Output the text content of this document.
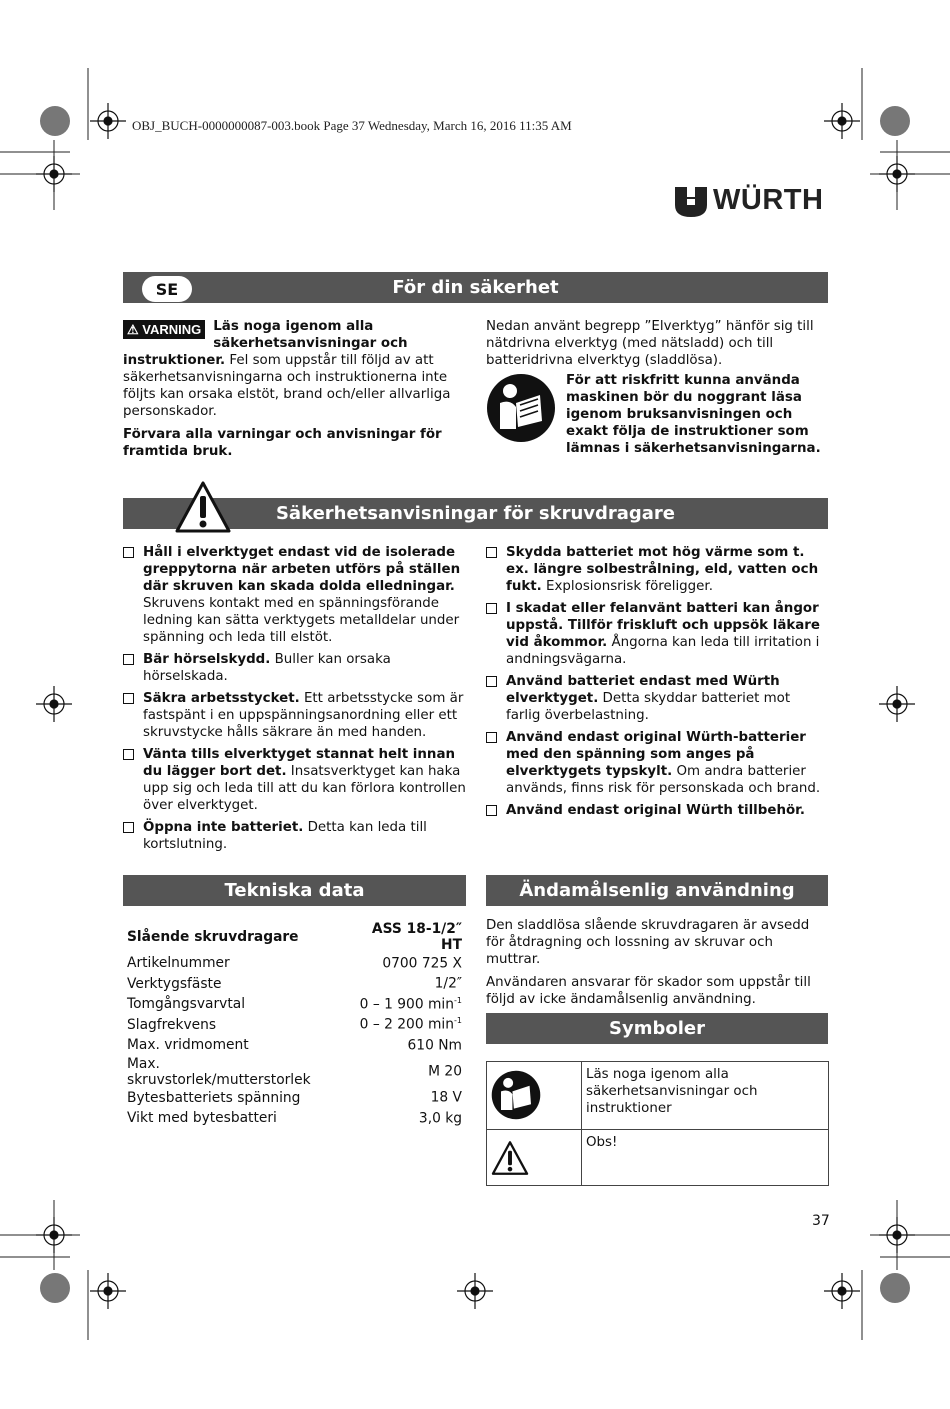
OBJ_BUCH-0000000087-003.book Page 37 Wednesday, March 16, 2016 11:35 AM
WÜRTH
För din säkerhet
SE

⚠ VARNING Läs noga igenom alla säkerhetsanvisningar och instruktioner. Fel som uppstår till följd av att säkerhetsanvisningarna och instruktionerna inte följts kan orsaka elstöt, brand och/eller allvarliga personskador.

Förvara alla varningar och anvisningar för framtida bruk.

Nedan använt begrepp ”Elverktyg” hänför sig till nätdrivna elverktyg (med nätsladd) och till batteridrivna elverktyg (sladdlösa).
För att riskfritt kunna använda maskinen bör du noggrant läsa igenom bruksanvisningen och exakt följa de instruktioner som lämnas i säkerhetsanvisningarna.
Säkerhetsanvisningar för skruvdragare
Håll i elverktyget endast vid de isolerade greppytorna när arbeten utförs på ställen där skruven kan skada dolda elledningar. Skruvens kontakt med en spänningsförande ledning kan sätta verktygets metalldelar under spänning och leda till elstöt.
Bär hörselskydd. Buller kan orsaka hörselskada.
Säkra arbetsstycket. Ett arbetsstycke som är fastspänt i en uppspänningsanordning eller ett skruvstycke hålls säkrare än med handen.
Vänta tills elverktyget stannat helt innan du lägger bort det. Insatsverktyget kan haka upp sig och leda till att du kan förlora kontrollen över elverktyget.
Öppna inte batteriet. Detta kan leda till kortslutning.
Skydda batteriet mot hög värme som t. ex. längre solbestrålning, eld, vatten och fukt. Explosionsrisk föreligger.
I skadat eller felanvänt batteri kan ångor uppstå. Tillför friskluft och uppsök läkare vid åkommor. Ångorna kan leda till irritation i andningsvägarna.
Använd batteriet endast med Würth elverktyget. Detta skyddar batteriet mot farlig överbelastning.
Använd endast original Würth-batterier med den spänning som anges på elverktygets typskylt. Om andra batterier används, finns risk för personskada och brand.
Använd endast original Würth tillbehör.
Tekniska data
Slående skruvdragare	ASS 18-1/2″ HT
Artikelnummer	0700 725 X
Verktygsfäste	1/2″
Tomgångsvarvtal	0 – 1 900 $\min^{-1}$
Slagfrekvens	0 – 2 200 $\min^{-1}$
Max. vridmoment	610 Nm
Max. skruvstorlek/mutterstorlek	M 20
Bytesbatteriets spänning	18 V
Vikt med bytesbatteri	3,0 kg
Ändamålsenlig användning

Den sladdlösa slående skruvdragaren är avsedd för åtdragning och lossning av skruvar och muttrar.

Användaren ansvarar för skador som uppstår till följd av icke ändamålsenlig användning.

Symboler
	Läs noga igenom alla säkerhetsanvisningar och instruktioner
	Obs!
37
